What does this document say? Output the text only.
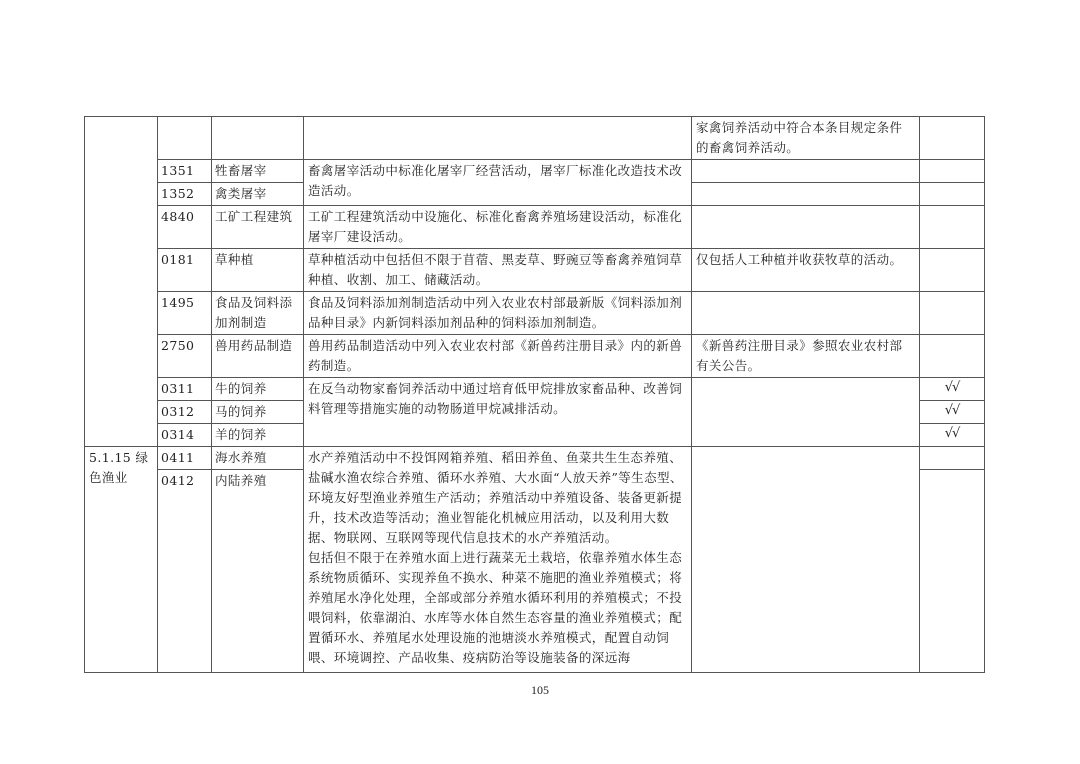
				家禽饲养活动中符合本条目规定条件的畜禽饲养活动。	
	1351	牲畜屠宰	畜禽屠宰活动中标准化屠宰厂经营活动，屠宰厂标准化改造技术改造活动。		
	1352	禽类屠宰			
	4840	工矿工程建筑	工矿工程建筑活动中设施化、标准化畜禽养殖场建设活动，标准化屠宰厂建设活动。		
	0181	草种植	草种植活动中包括但不限于苜蓿、黑麦草、野豌豆等畜禽养殖饲草种植、收割、加工、储藏活动。	仅包括人工种植并收获牧草的活动。	
	1495	食品及饲料添加剂制造	食品及饲料添加剂制造活动中列入农业农村部最新版《饲料添加剂品种目录》内新饲料添加剂品种的饲料添加剂制造。		
	2750	兽用药品制造	兽用药品制造活动中列入农业农村部《新兽药注册目录》内的新兽药制造。	《新兽药注册目录》参照农业农村部有关公告。	
	0311	牛的饲养	在反刍动物家畜饲养活动中通过培育低甲烷排放家畜品种、改善饲料管理等措施实施的动物肠道甲烷减排活动。		√√
	0312	马的饲养			√√
	0314	羊的饲养			√√
5.1.15 绿色渔业	0411	海水养殖	水产养殖活动中不投饵网箱养殖、稻田养鱼、鱼菜共生生态养殖、盐碱水渔农综合养殖、循环水养殖、大水面“人放天养”等生态型、环境友好型渔业养殖生产活动；养殖活动中养殖设备、装备更新提升，技术改造等活动；渔业智能化机械应用活动，以及利用大数据、物联网、互联网等现代信息技术的水产养殖活动。
包括但不限于在养殖水面上进行蔬菜无土栽培，依靠养殖水体生态系统物质循环、实现养鱼不换水、种菜不施肥的渔业养殖模式；将养殖尾水净化处理，全部或部分养殖水循环利用的养殖模式；不投喂饲料，依靠湖泊、水库等水体自然生态容量的渔业养殖模式；配置循环水、养殖尾水处理设施的池塘淡水养殖模式，配置自动饲喂、环境调控、产品收集、疫病防治等设施装备的深远海		

	0412	内陆养殖			
105
